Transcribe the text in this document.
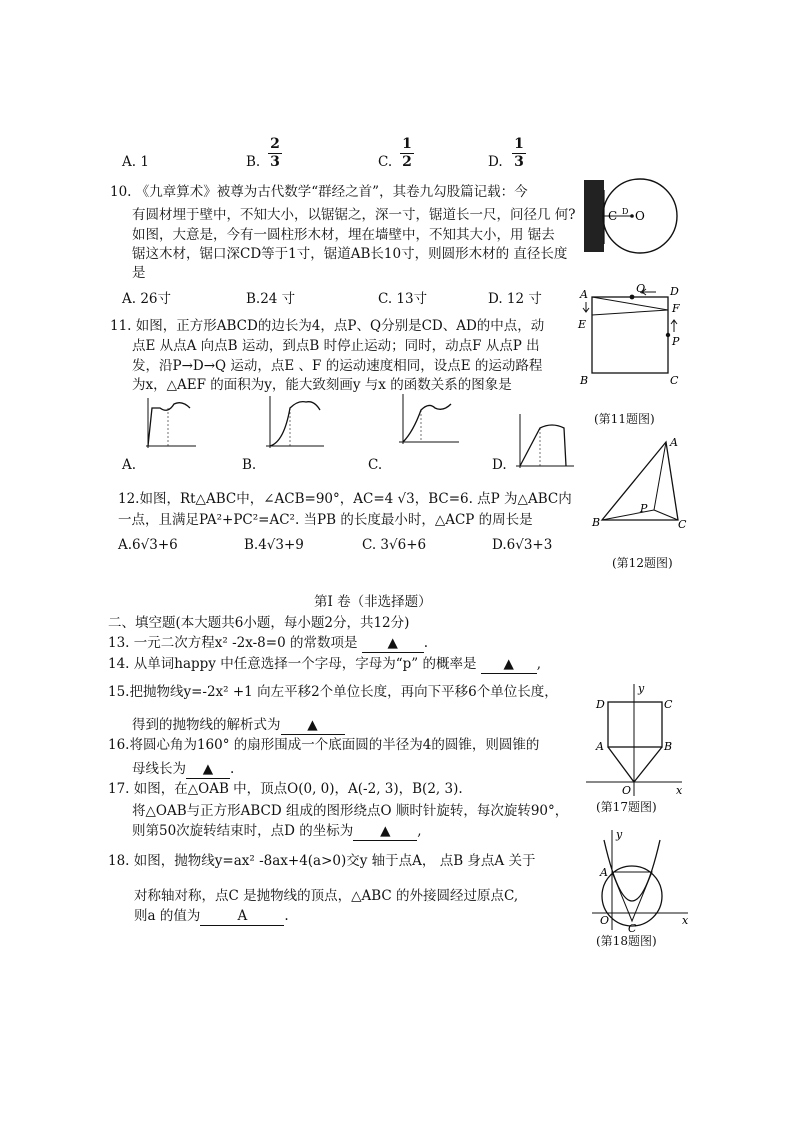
A. 1	B.
2
3	C.
1
2	D.
1
3
10. 《九章算术》被尊为古代数学“群经之首”，其卷九勾股篇记载：今
有圆材埋于壁中，不知大小，以锯锯之，深一寸，锯道长一尺，问径几 何?
如图，大意是，今有一圆柱形木材，埋在墙壁中，不知其大小，用 锯去
锯这木材，锯口深CD等于1寸，锯道AB长10寸，则圆形木材的 直径长度
是
A. 26寸	B.24 寸	C. 13寸	D. 12 寸
C D O
A	Q D
F
E
P
B	C
(第11题图)
11. 如图，正方形ABCD的边长为4，点P、Q分别是CD、AD的中点，动
点E 从点A 向点B 运动，到点B 时停止运动；同时，动点F 从点P 出
发，沿P→D→Q 运动，点E 、F 的运动速度相同，设点E 的运动路程
为x，△AEF 的面积为y，能大致刻画y 与x 的函数关系的图象是
A.	B.	C.	D.
12.如图，Rt△ABC中，∠ACB=90°，AC=4 √3，BC=6. 点P 为△ABC内
一点，且满足PA²+PC²=AC². 当PB 的长度最小时，△ACP 的周长是
A.6√3+6	B.4√3+9	C. 3√6+6	D.6√3+3
A
B	C
P
(第12题图)
第Ⅰ 卷（非选择题）
二、填空题(本大题共6小题，每小题2分，共12分)
13. 一元二次方程x² -2x-8=0 的常数项是 ▲ .
14. 从单词happy 中任意选择一个字母，字母为“p” 的概率是 ▲ ,
15.把抛物线y=-2x² +1 向左平移2个单位长度，再向下平移6个单位长度，
得到的抛物线的解析式为 ▲
16.将圆心角为160° 的扇形围成一个底面圆的半径为4的圆锥，则圆锥的
母线长为 ▲ .
17. 如图，在△OAB 中，顶点O(0, 0)，A(-2, 3)，B(2, 3).
将△OAB与正方形ABCD 组成的图形绕点O 顺时针旋转，每次旋转90°，
则第50次旋转结束时，点D 的坐标为 ▲ ,
y
D	C
A	B
O	x
(第17题图)
18. 如图，抛物线y=ax² -8ax+4(a>0)交y 轴于点A， 点B 身点A 关于
对称轴对称，点C 是抛物线的顶点，△ABC 的外接圆经过原点C,
则a 的值为	A	.
y
A
O
C
x
(第18题图)
